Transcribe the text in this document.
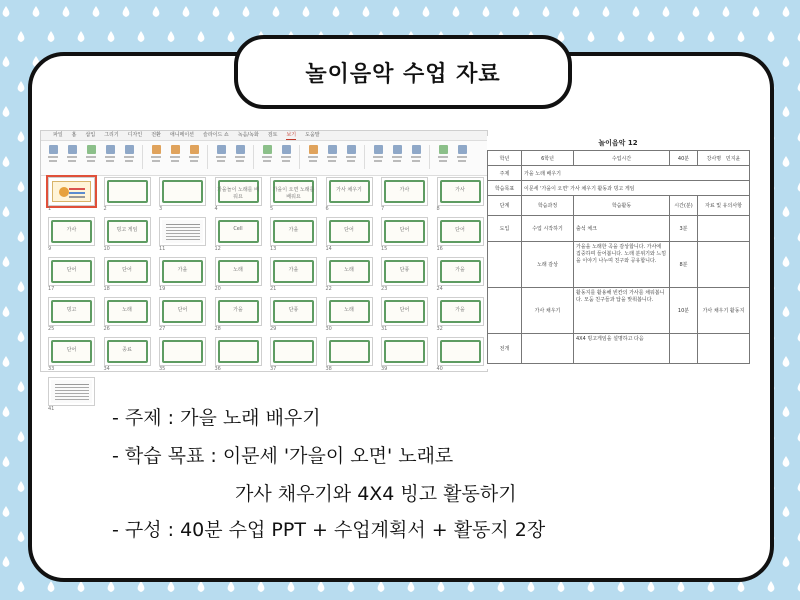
놀이음악 수업 자료
파일 홈 삽입 그리기 디자인 전환 애니메이션 슬라이드 쇼 녹음/녹화 검토 보기 도움말
1	2	3
가을놀이 노래를 배워요
4
가을이 오면 노래를 배워요
5
가사 채우기
6
가사
7
가사
8
가사
9
빙고 게임
10	11
Cell
12
가을
13
단어
14
단어
15
단어
16
단어
17
단어
18
가을
19
노래
20
가을
21
노래
22
단풍
23
가을
24
빙고
25
노래
26
단어
27
가을
28
단풍
29
노래
30
단어
31
가을
32
단어
33
종료
34	35	36	37	38	39	40
41
놀이음악 12
학년	6학년	수업시간	40분	강사명 민지윤
주제	가을 노래 배우기			
학습목표	이문세 '가을이 오면' 가사 채우기 활동과 빙고 게임			
단계	학습과정	학습활동	시간(분)	자료 및 유의사항
도입	수업 시작하기	출석 체크	3분	
	노래 감상	가을을 노래한 곡을 감상합니다. 가사에 집중하며 들어봅니다. 노래 분위기와 느낌을 이야기 나누며 친구와 공유합니다.	8분	
	가사 채우기	활동지를 활용해 빈칸의 가사를 채워봅니다. 모둠 친구들과 답을 맞춰봅니다.	10분	가사 채우기 활동지
전개		4X4 빙고게임을 설명하고 다음		
- 주제 : 가을 노래 배우기
- 학습 목표 : 이문세 '가을이 오면' 노래로
가사 채우기와 4X4 빙고 활동하기
- 구성 : 40분 수업 PPT + 수업계획서 + 활동지 2장
